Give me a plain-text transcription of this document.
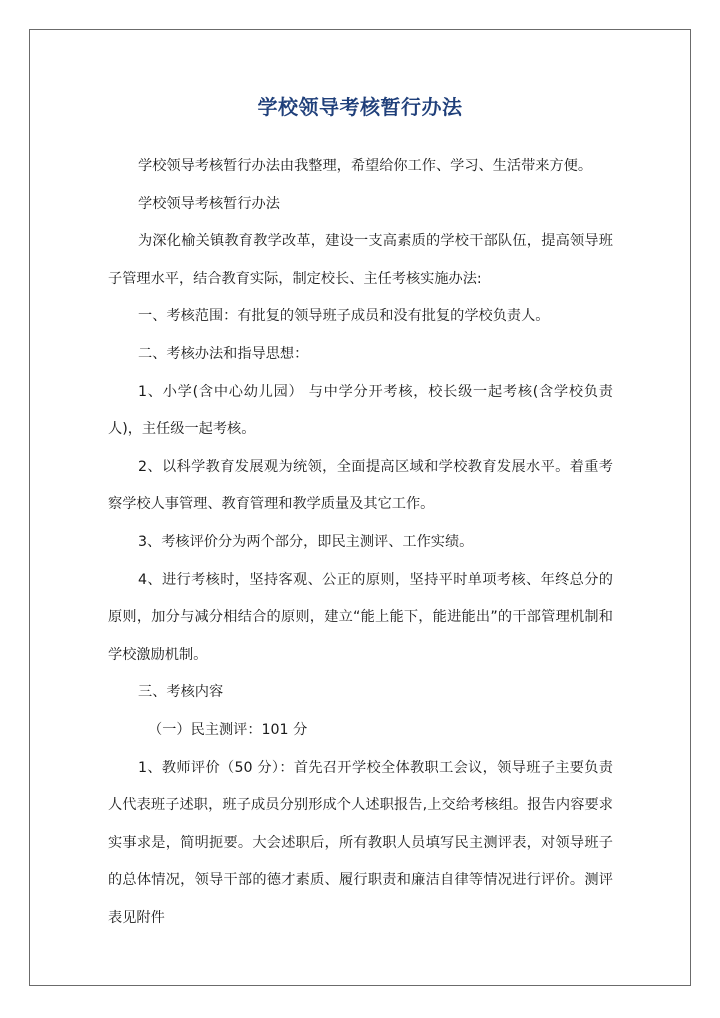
学校领导考核暂行办法

学校领导考核暂行办法由我整理，希望给你工作、学习、生活带来方便。

学校领导考核暂行办法

为深化榆关镇教育教学改革，建设一支高素质的学校干部队伍，提高领导班子管理水平，结合教育实际，制定校长、主任考核实施办法:

一、考核范围：有批复的领导班子成员和没有批复的学校负责人。

二、考核办法和指导思想：

1、小学(含中心幼儿园） 与中学分开考核，校长级一起考核(含学校负责人)，主任级一起考核。

2、以科学教育发展观为统领，全面提高区域和学校教育发展水平。着重考察学校人事管理、教育管理和教学质量及其它工作。

3、考核评价分为两个部分，即民主测评、工作实绩。

4、进行考核时，坚持客观、公正的原则，坚持平时单项考核、年终总分的原则，加分与减分相结合的原则，建立“能上能下，能进能出”的干部管理机制和学校激励机制。

三、考核内容

（一）民主测评：101 分

1、教师评价（50 分）：首先召开学校全体教职工会议，领导班子主要负责人代表班子述职，班子成员分别形成个人述职报告,上交给考核组。报告内容要求实事求是，简明扼要。大会述职后，所有教职人员填写民主测评表，对领导班子的总体情况，领导干部的德才素质、履行职责和廉洁自律等情况进行评价。测评表见附件
